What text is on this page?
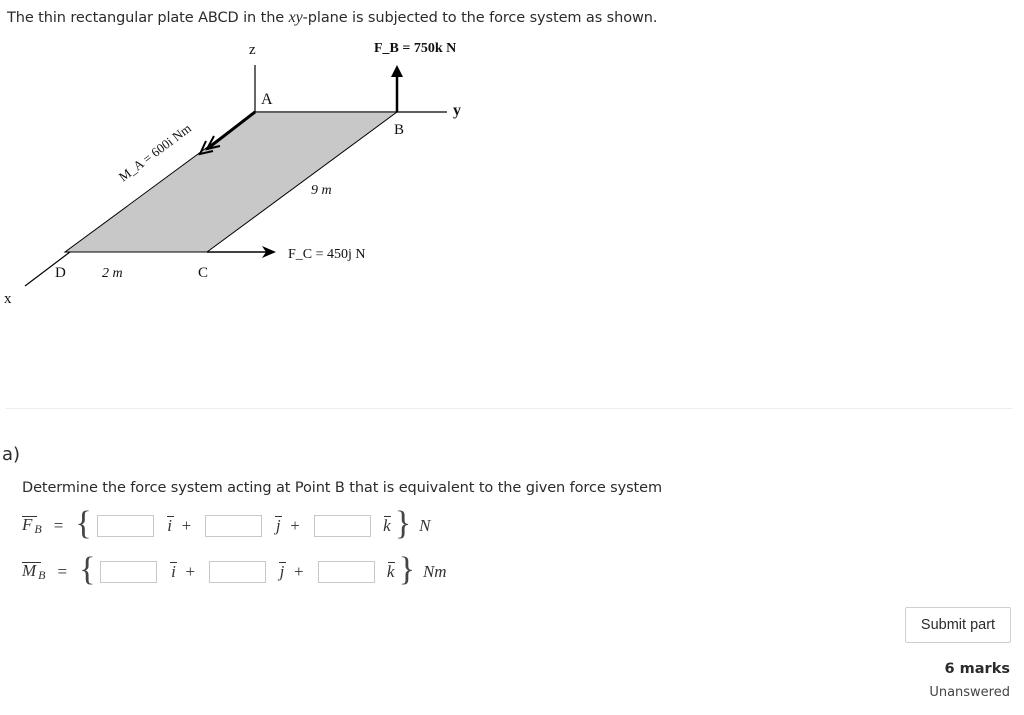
The thin rectangular plate ABCD in the xy-plane is subjected to the force system as shown.
z
y
x
A
B
C
D
9 m
2 m
F_B = 750k N
F_C = 450j N
M_A = 600i Nm
a)
Determine the force system acting at Point B that is equivalent to the given force system
F $_B$ = {	i +	j +	k } N
M $_B$ = {	i +	j +	k } Nm
Submit part
6 marks
Unanswered
